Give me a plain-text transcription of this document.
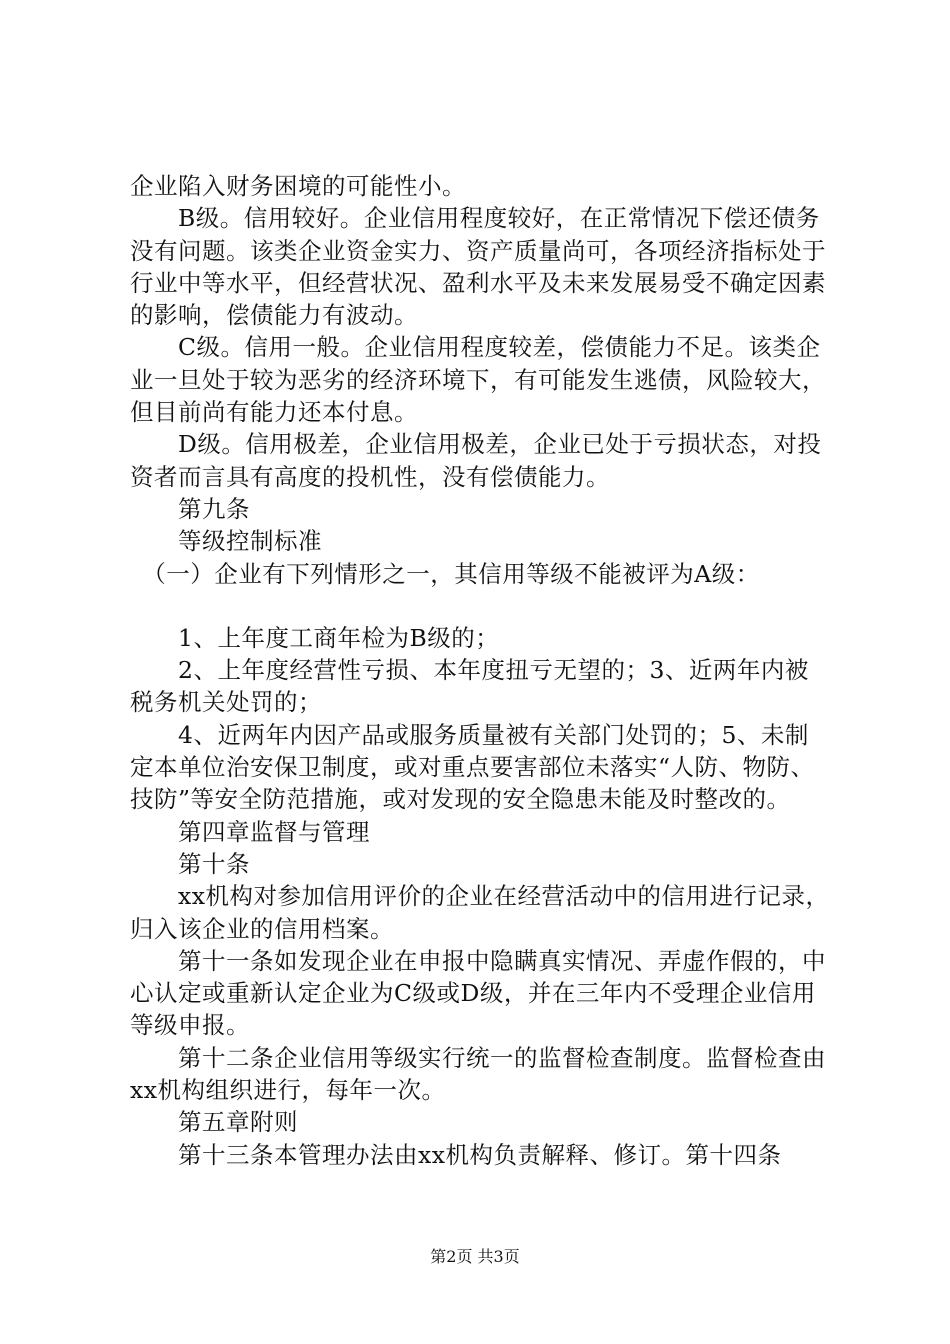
企业陷入财务困境的可能性小。

　　B级。信用较好。企业信用程度较好，在正常情况下偿还债务没有问题。该类企业资金实力、资产质量尚可，各项经济指标处于行业中等水平，但经营状况、盈利水平及未来发展易受不确定因素的影响，偿债能力有波动。

　　C级。信用一般。企业信用程度较差，偿债能力不足。该类企业一旦处于较为恶劣的经济环境下，有可能发生逃债，风险较大，但目前尚有能力还本付息。

　　D级。信用极差，企业信用极差，企业已处于亏损状态，对投资者而言具有高度的投机性，没有偿债能力。

　　第九条

　　等级控制标准

　（一）企业有下列情形之一，其信用等级不能被评为A级：

　　1、上年度工商年检为B级的；

　　2、上年度经营性亏损、本年度扭亏无望的；3、近两年内被税务机关处罚的；

　　4、近两年内因产品或服务质量被有关部门处罚的；5、未制定本单位治安保卫制度，或对重点要害部位未落实“人防、物防、技防”等安全防范措施，或对发现的安全隐患未能及时整改的。

　　第四章监督与管理

　　第十条

　　xx机构对参加信用评价的企业在经营活动中的信用进行记录，归入该企业的信用档案。

　　第十一条如发现企业在申报中隐瞒真实情况、弄虚作假的，中心认定或重新认定企业为C级或D级，并在三年内不受理企业信用等级申报。

　　第十二条企业信用等级实行统一的监督检查制度。监督检查由xx机构组织进行，每年一次。

　　第五章附则

　　第十三条本管理办法由xx机构负责解释、修订。第十四条

第2页 共3页
